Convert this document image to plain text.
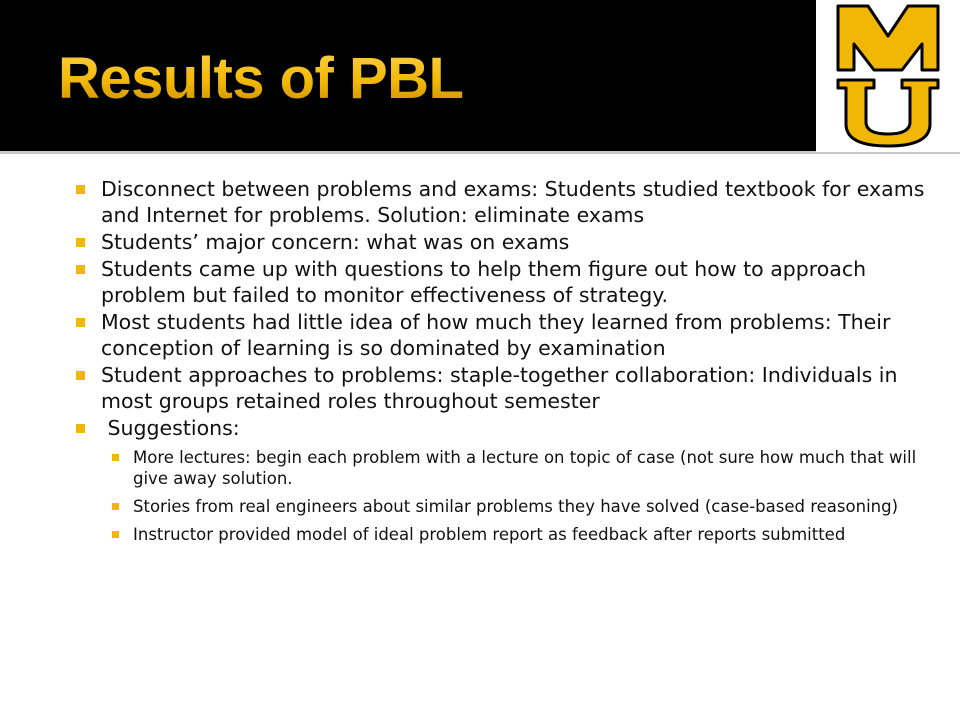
Results of PBL
Disconnect between problems and exams: Students studied textbook for exams and Internet for problems. Solution: eliminate exams
Students’ major concern: what was on exams
Students came up with questions to help them figure out how to approach problem but failed to monitor effectiveness of strategy.
Most students had little idea of how much they learned from problems: Their conception of learning is so dominated by examination
Student approaches to problems: staple-together collaboration: Individuals in most groups retained roles throughout semester
Suggestions:
More lectures: begin each problem with a lecture on topic of case (not sure how much that will give away solution.
Stories from real engineers about similar problems they have solved (case-based reasoning)
Instructor provided model of ideal problem report as feedback after reports submitted
